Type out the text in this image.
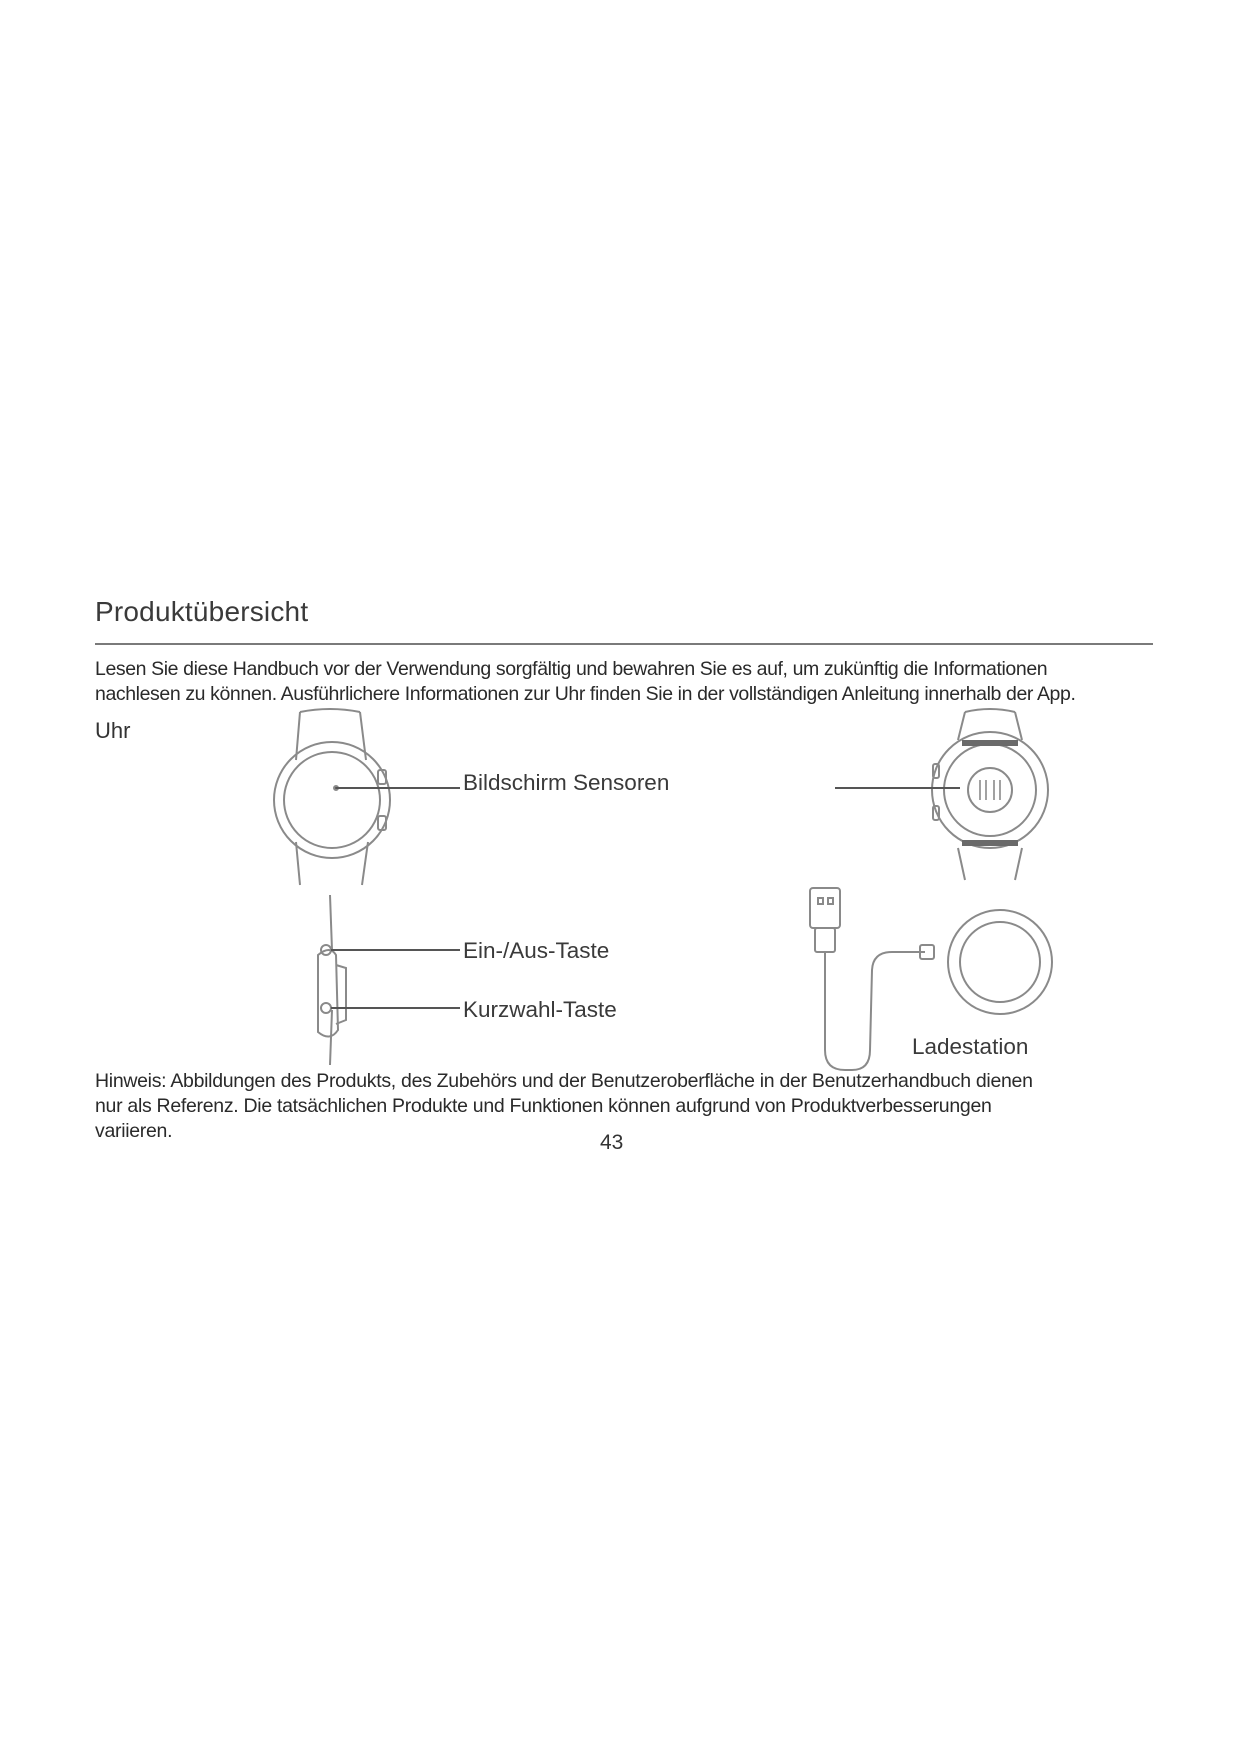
Produktübersicht
Lesen Sie diese Handbuch vor der Verwendung sorgfältig und bewahren Sie es auf, um zukünftig die Informationen
nachlesen zu können. Ausführlichere Informationen zur Uhr finden Sie in der vollständigen Anleitung innerhalb der App.
Uhr
Bildschirm Sensoren
Ein-/Aus-Taste
Kurzwahl-Taste
Ladestation
Hinweis: Abbildungen des Produkts, des Zubehörs und der Benutzeroberfläche in der Benutzerhandbuch dienen
nur als Referenz. Die tatsächlichen Produkte und Funktionen können aufgrund von Produktverbesserungen
variieren.	43
